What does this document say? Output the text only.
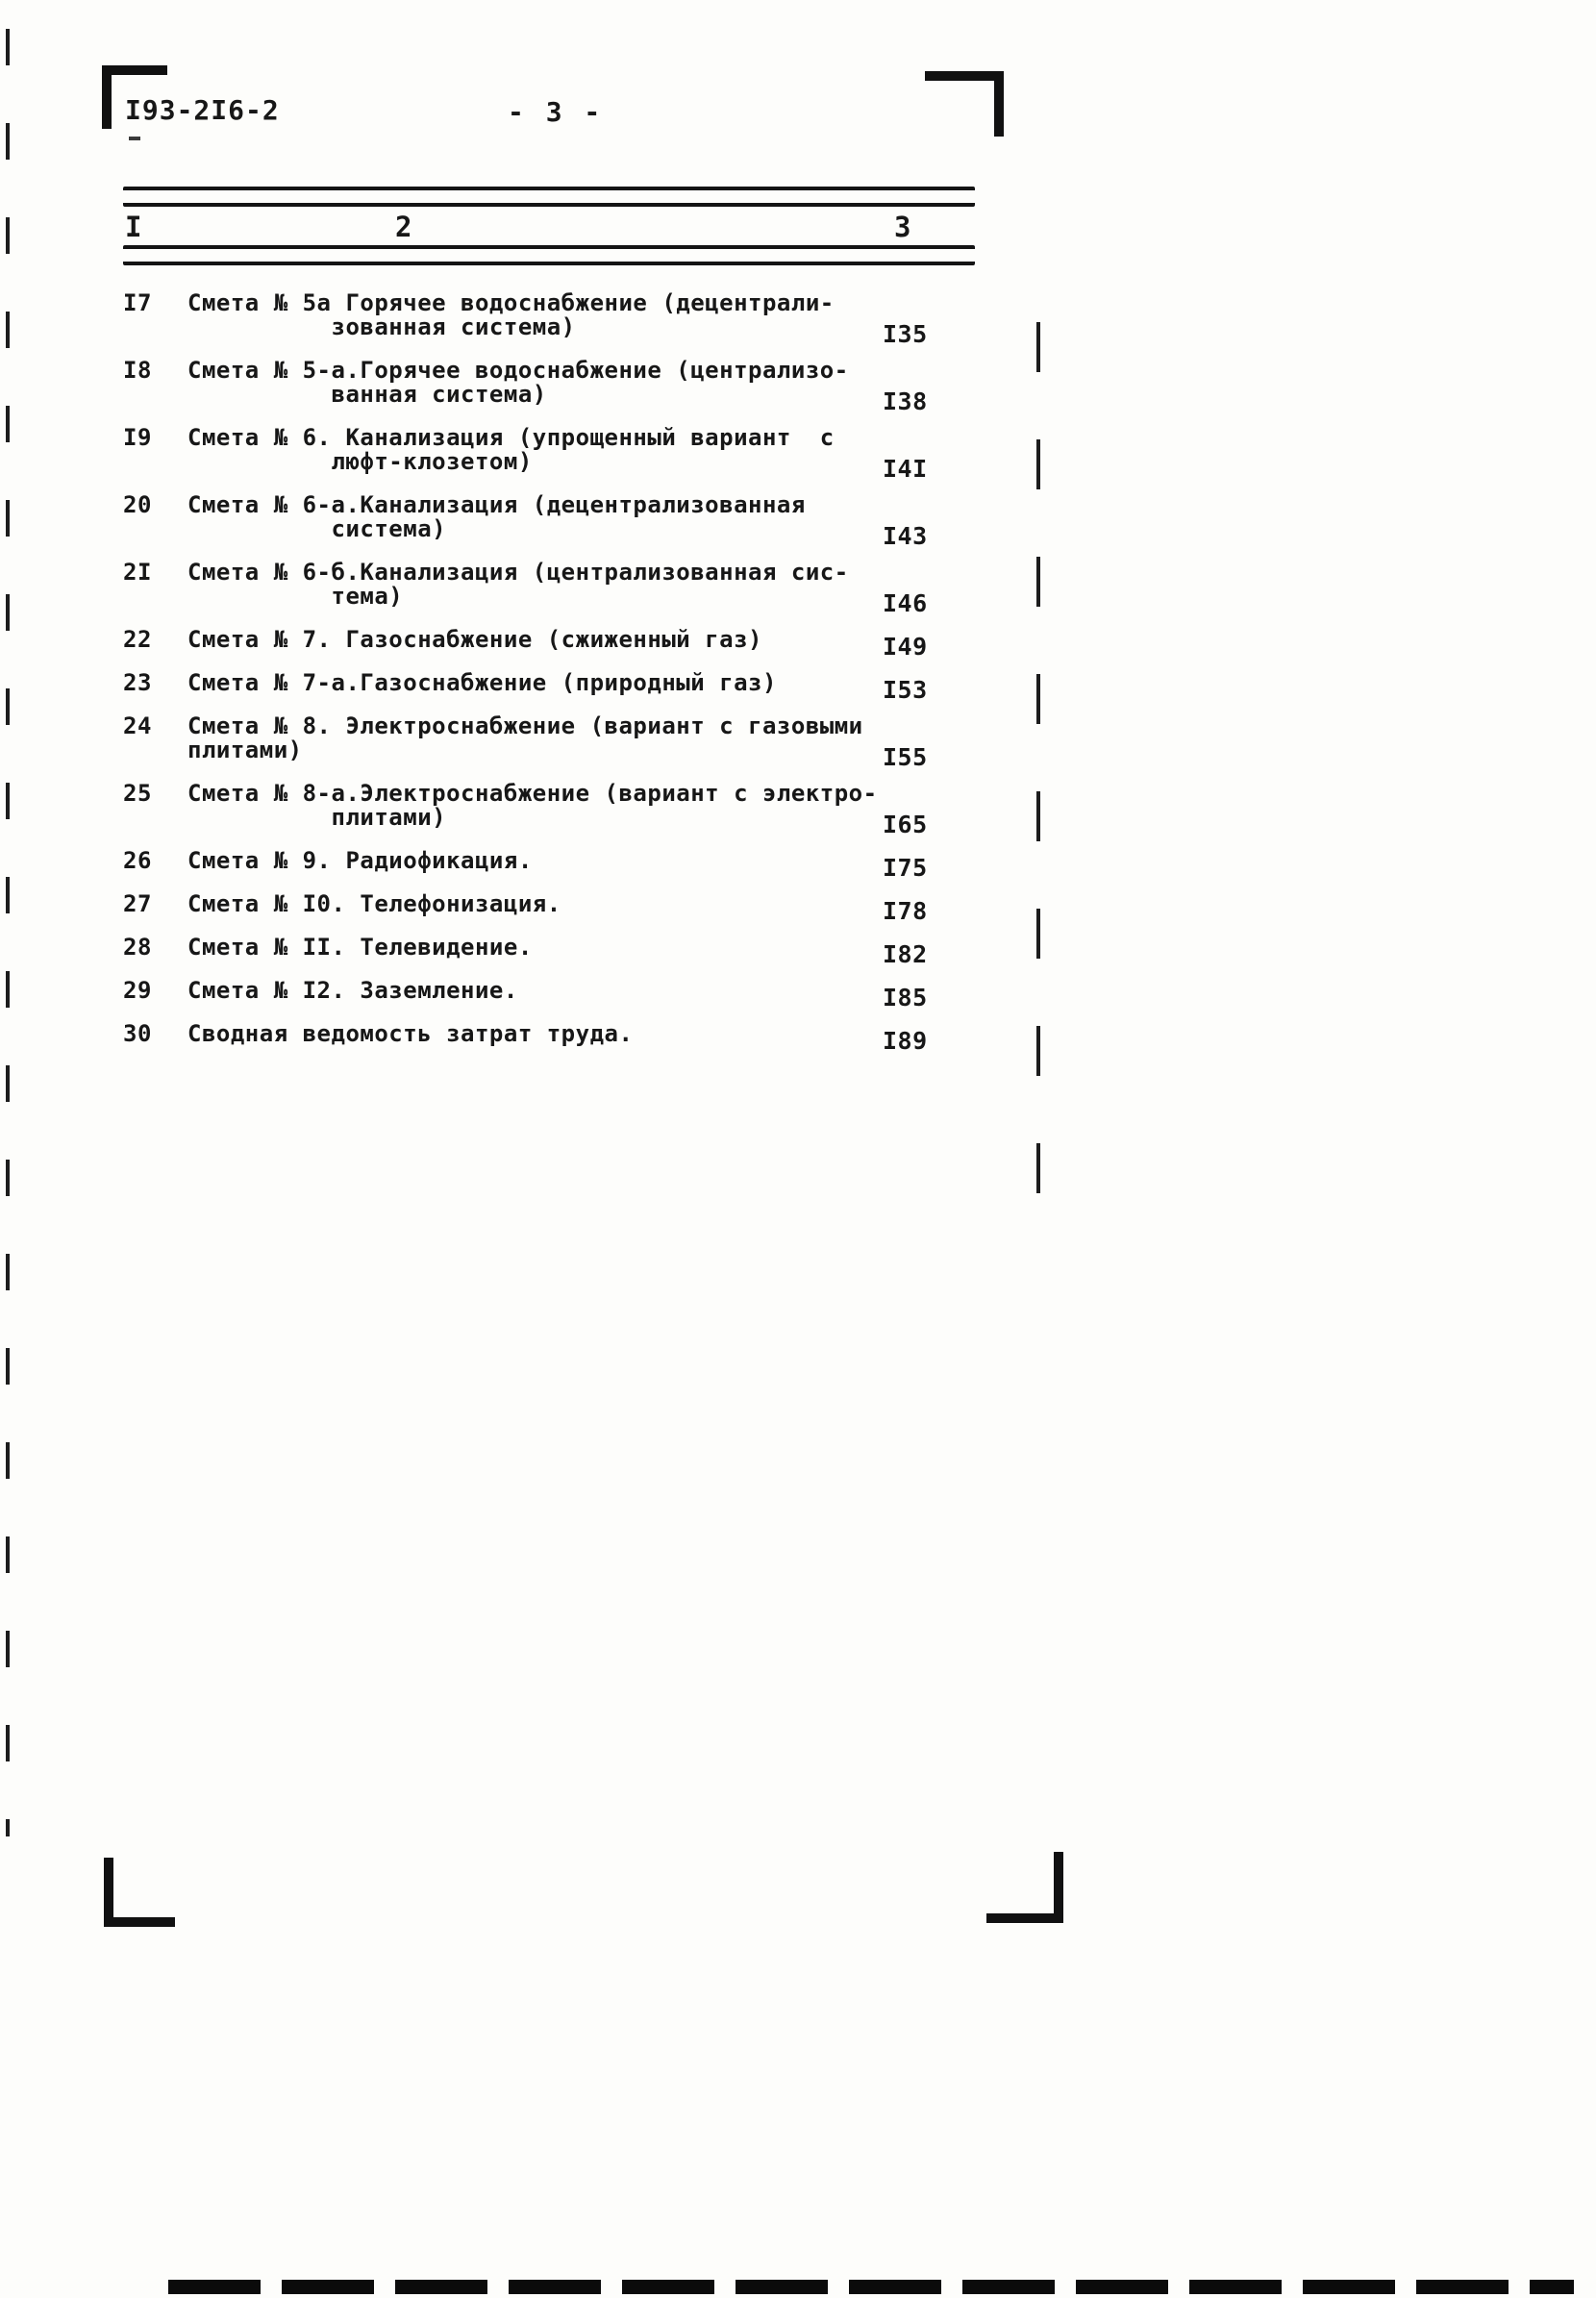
I93-2I6-2	- 3 -
I	2	3
I7 Смета № 5а Горячее водоснабжение (децентрали-
зованная система)	I35
I8 Смета № 5-а.Горячее водоснабжение (централизо-
ванная система)	I38
I9 Смета № 6. Канализация (упрощенный вариант  с
люфт-клозетом)	I4I
20 Смета № 6-а.Канализация (децентрализованная
система)	I43
2I Смета № 6-б.Канализация (централизованная сис-
тема)	I46
22 Смета № 7. Газоснабжение (сжиженный газ)	I49
23 Смета № 7-а.Газоснабжение (природный газ)	I53
24 Смета № 8. Электроснабжение (вариант с газовыми
плитами)	I55
25 Смета № 8-а.Электроснабжение (вариант с электро-
плитами)	I65
26 Смета № 9. Радиофикация.	I75
27 Смета № I0. Телефонизация.	I78
28 Смета № II. Телевидение.	I82
29 Смета № I2. Заземление.	I85
30 Сводная ведомость затрат труда.	I89
